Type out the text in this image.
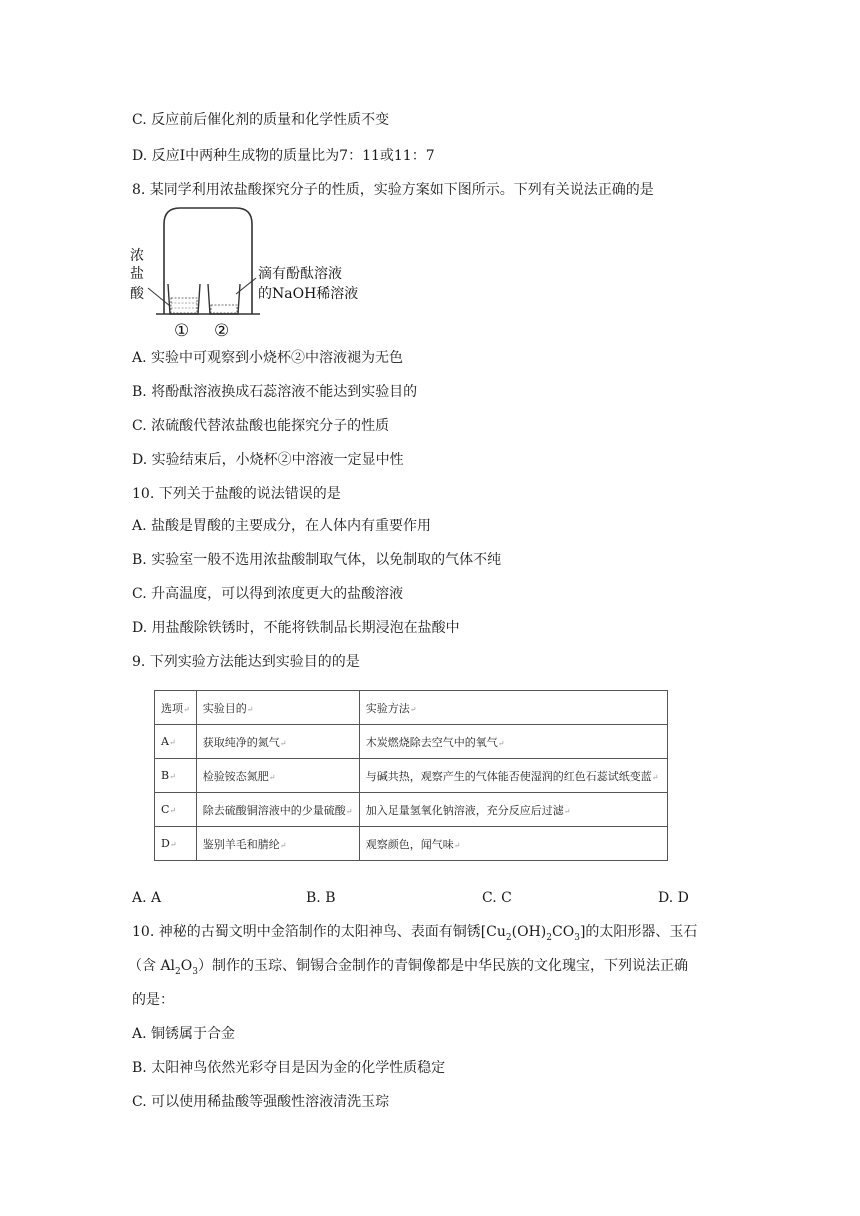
C. 反应前后催化剂的质量和化学性质不变
D. 反应Ⅰ中两种生成物的质量比为7：11或11：7
8. 某同学利用浓盐酸探究分子的性质，实验方案如下图所示。下列有关说法正确的是
浓
盐
酸
滴有酚酞溶液
的NaOH稀溶液
① ②
A. 实验中可观察到小烧杯②中溶液褪为无色
B. 将酚酞溶液换成石蕊溶液不能达到实验目的
C. 浓硫酸代替浓盐酸也能探究分子的性质
D. 实验结束后，小烧杯②中溶液一定显中性
10. 下列关于盐酸的说法错误的是
A. 盐酸是胃酸的主要成分，在人体内有重要作用
B. 实验室一般不选用浓盐酸制取气体，以免制取的气体不纯
C. 升高温度，可以得到浓度更大的盐酸溶液
D. 用盐酸除铁锈时，不能将铁制品长期浸泡在盐酸中
9. 下列实验方法能达到实验目的的是
选项↵	实验目的↵	实验方法↵
A↵	获取纯净的氮气↵	木炭燃烧除去空气中的氧气↵
B↵	检验铵态氮肥↵	与碱共热，观察产生的气体能否使湿润的红色石蕊试纸变蓝↵
C↵	除去硫酸铜溶液中的少量硫酸↵	加入足量氢氧化钠溶液，充分反应后过滤↵
D↵	鉴别羊毛和腈纶↵	观察颜色，闻气味↵
A. A	B. B	C. C	D. D
10. 神秘的古蜀文明中金箔制作的太阳神鸟、表面有铜锈$[Cu_2(OH)_2CO_3]$的太阳形器、玉石
（含 $Al_2O_3$）制作的玉琮、铜锡合金制作的青铜像都是中华民族的文化瑰宝，下列说法正确
的是：
A. 铜锈属于合金
B. 太阳神鸟依然光彩夺目是因为金的化学性质稳定
C. 可以使用稀盐酸等强酸性溶液清洗玉琮
